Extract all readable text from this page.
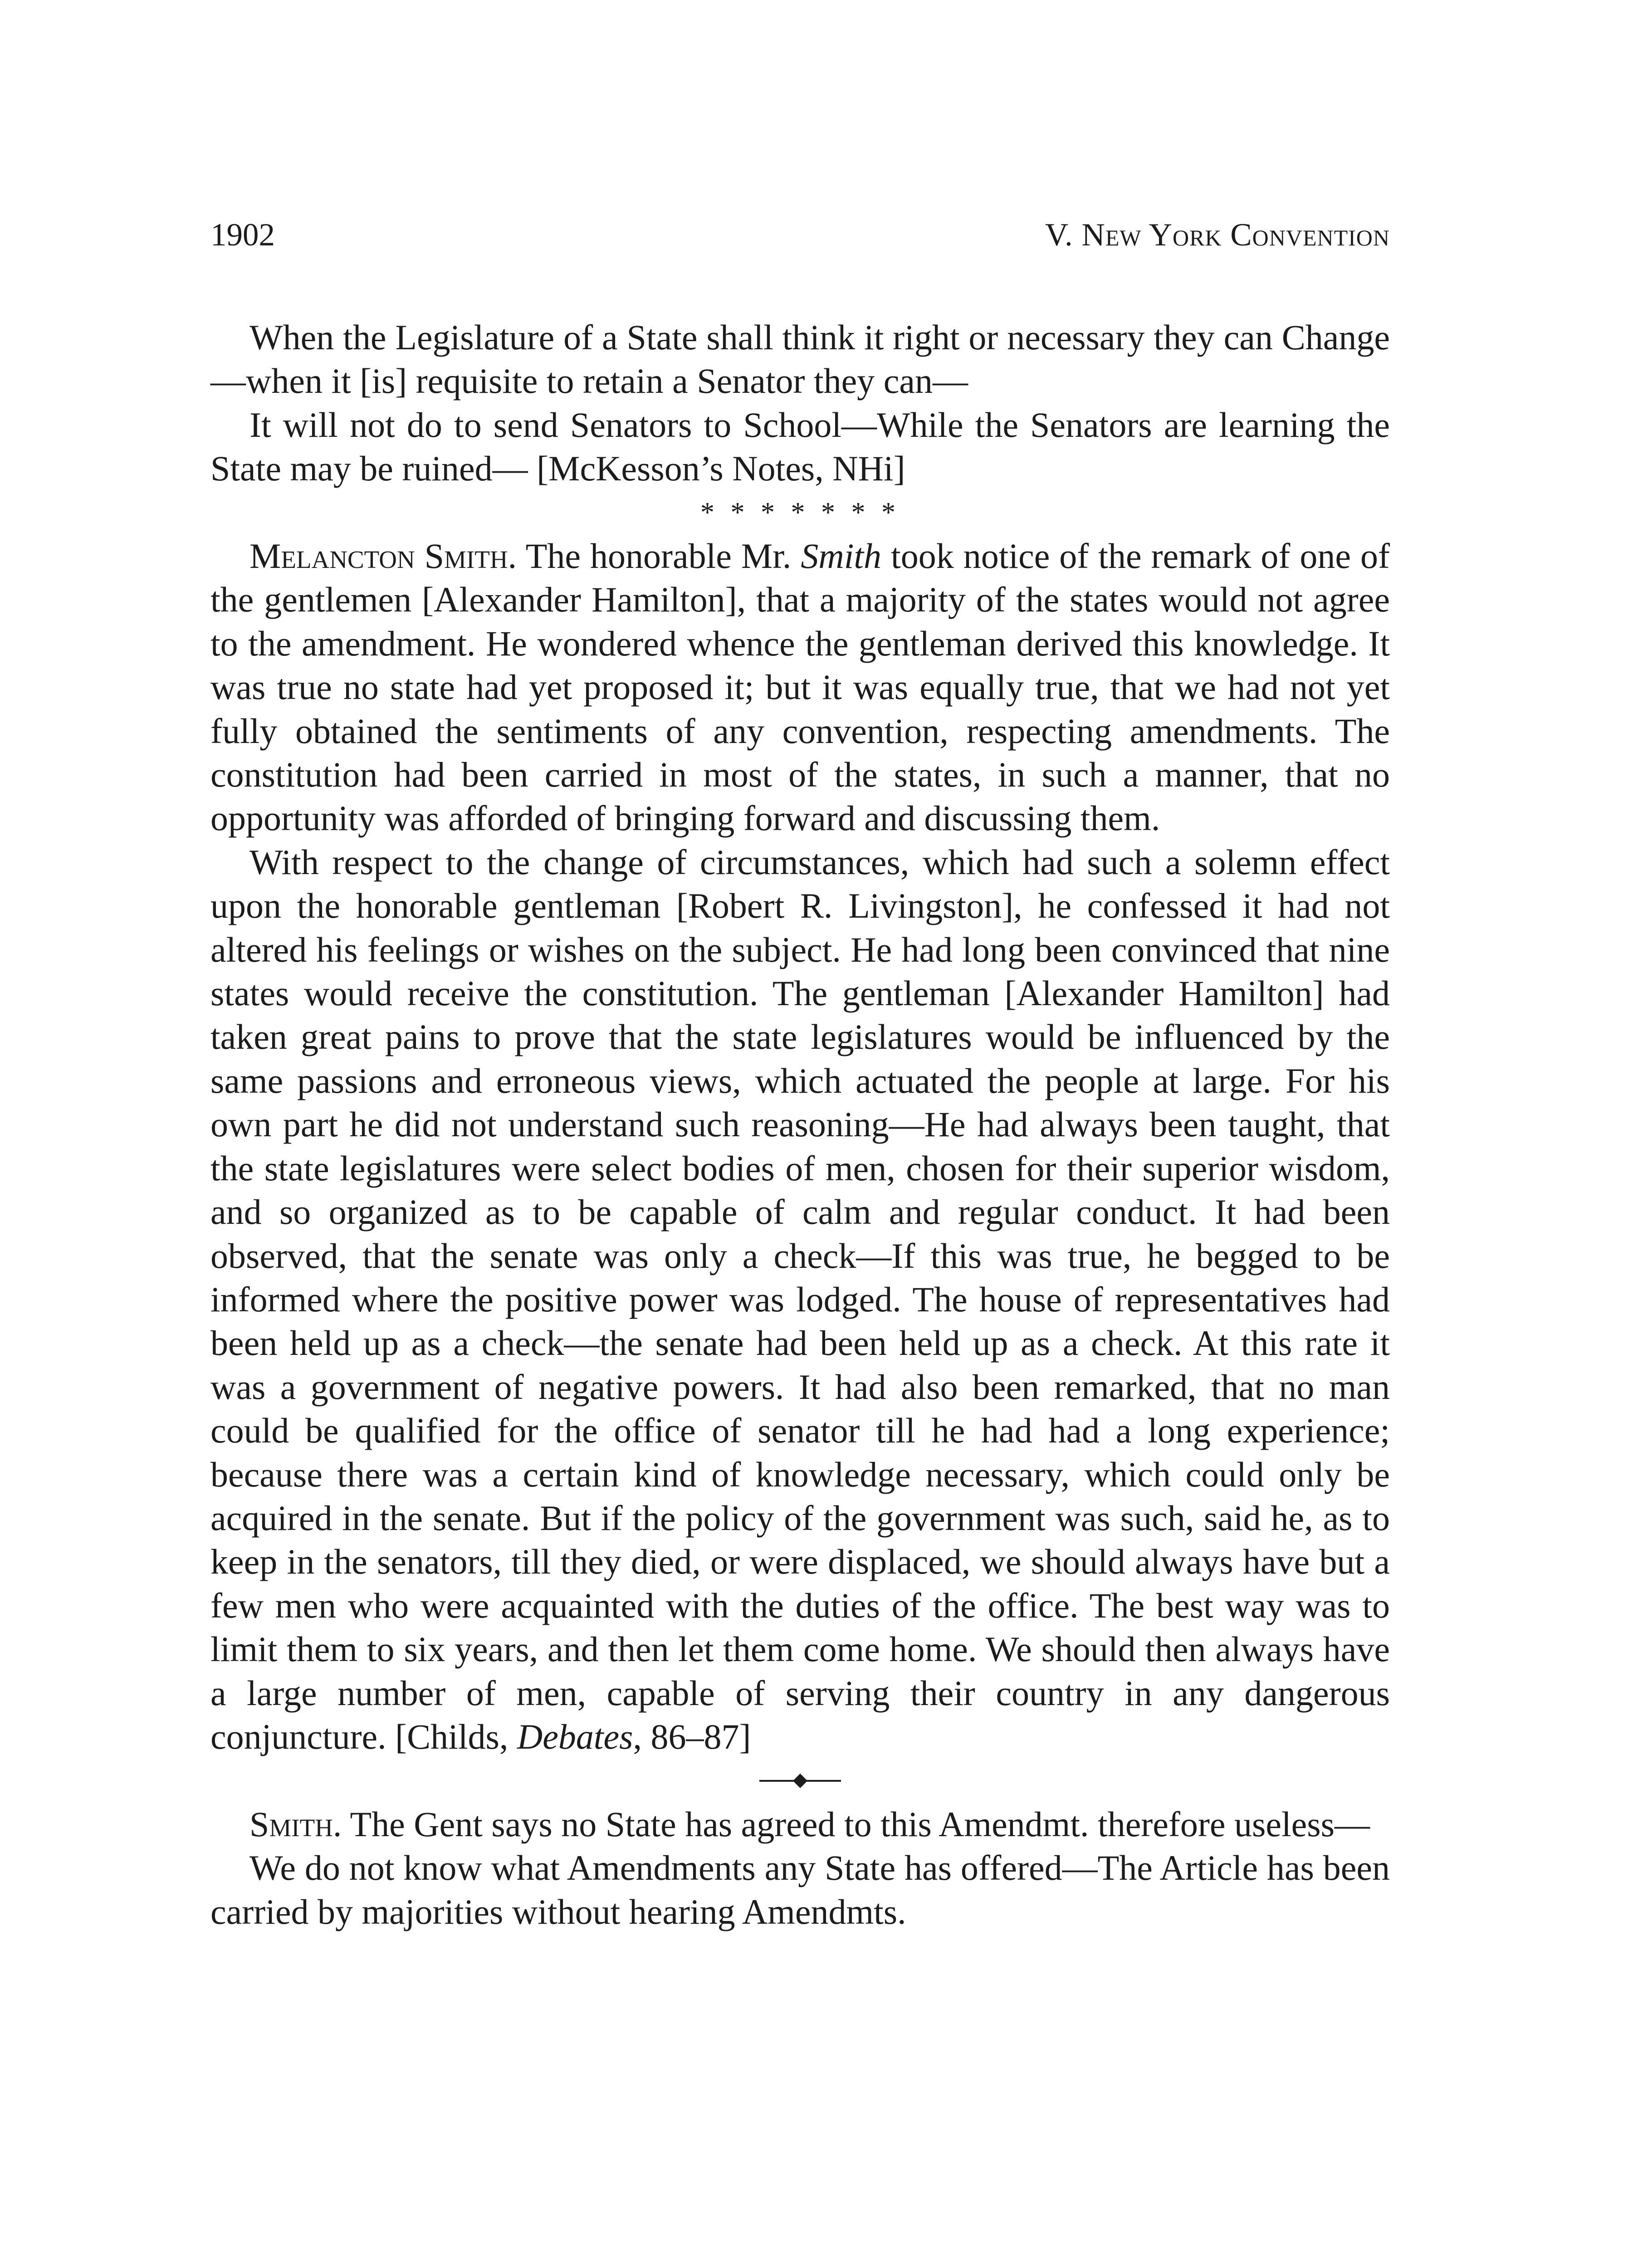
1902	V. New York Convention

When the Legislature of a State shall think it right or necessary they can Change—when it [is] requisite to retain a Senator they can—

It will not do to send Senators to School—While the Senators are learning the State may be ruined— [McKesson’s Notes, NHi]

* * * * * * *

Melancton Smith. The honorable Mr. Smith took notice of the remark of one of the gentlemen [Alexander Hamilton], that a majority of the states would not agree to the amendment. He wondered whence the gentleman derived this knowledge. It was true no state had yet proposed it; but it was equally true, that we had not yet fully obtained the sentiments of any convention, respecting amendments. The constitution had been carried in most of the states, in such a manner, that no opportunity was afforded of bringing forward and discussing them.

With respect to the change of circumstances, which had such a solemn effect upon the honorable gentleman [Robert R. Livingston], he confessed it had not altered his feelings or wishes on the subject. He had long been convinced that nine states would receive the constitution. The gentleman [Alexander Hamilton] had taken great pains to prove that the state legislatures would be influenced by the same passions and erroneous views, which actuated the people at large. For his own part he did not understand such reasoning—He had always been taught, that the state legislatures were select bodies of men, chosen for their superior wisdom, and so organized as to be capable of calm and regular conduct. It had been observed, that the senate was only a check—If this was true, he begged to be informed where the positive power was lodged. The house of representatives had been held up as a check—the senate had been held up as a check. At this rate it was a government of negative powers. It had also been remarked, that no man could be qualified for the office of senator till he had had a long experience; because there was a certain kind of knowledge necessary, which could only be acquired in the senate. But if the policy of the government was such, said he, as to keep in the senators, till they died, or were displaced, we should always have but a few men who were acquainted with the duties of the office. The best way was to limit them to six years, and then let them come home. We should then always have a large number of men, capable of serving their country in any dangerous conjuncture. [Childs, Debates, 86–87]

Smith. The Gent says no State has agreed to this Amendmt. therefore useless—

We do not know what Amendments any State has offered—The Article has been carried by majorities without hearing Amendmts.
